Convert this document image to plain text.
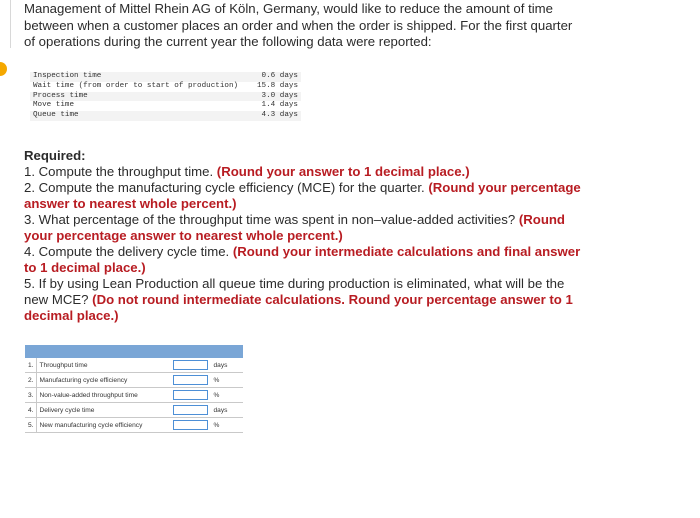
Management of Mittel Rhein AG of Köln, Germany, would like to reduce the amount of time between when a customer places an order and when the order is shipped. For the first quarter of operations during the current year the following data were reported:
Inspection time	0.6 days
Wait time (from order to start of production)	15.8 days
Process time	3.0 days
Move time	1.4 days
Queue time	4.3 days
Required:
1. Compute the throughput time. (Round your answer to 1 decimal place.)
2. Compute the manufacturing cycle efficiency (MCE) for the quarter. (Round your percentage answer to nearest whole percent.)
3. What percentage of the throughput time was spent in non–value-added activities? (Round your percentage answer to nearest whole percent.)
4. Compute the delivery cycle time. (Round your intermediate calculations and final answer to 1 decimal place.)
5. If by using Lean Production all queue time during production is eliminated, what will be the new MCE? (Do not round intermediate calculations. Round your percentage answer to 1 decimal place.)

1.	Throughput time		days
2.	Manufacturing cycle efficiency		%
3.	Non-value-added throughput time		%
4.	Delivery cycle time		days
5.	New manufacturing cycle efficiency		%
